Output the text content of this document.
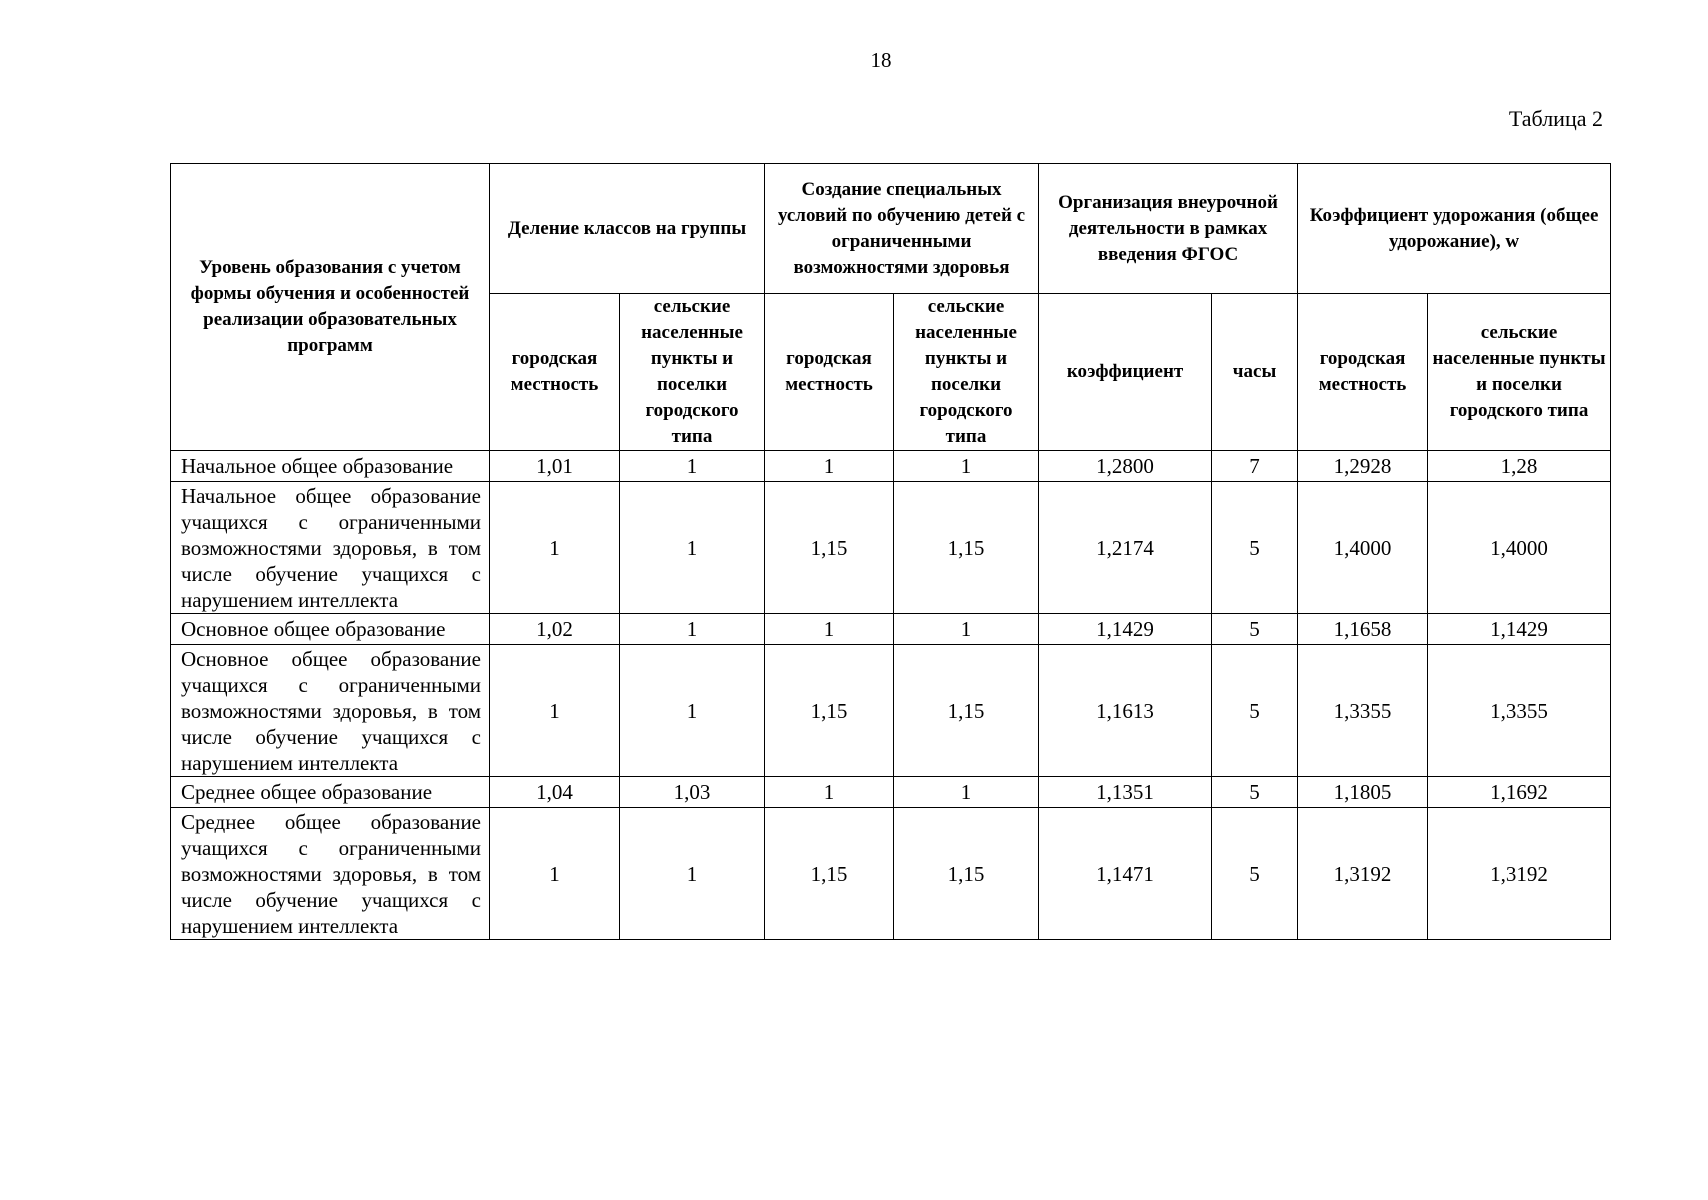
18
Таблица 2
Уровень образования с учетом формы обучения и особенностей реализации образовательных программ	Деление классов на группы		Создание специальных условий по обучению детей с ограниченными возможностями здоровья		Организация внеурочной деятельности в рамках введения ФГОС		Коэффициент удорожания (общее удорожание), w	
	городская местность	сельские населенные пункты и поселки городского типа	городская местность	сельские населенные пункты и поселки городского типа	коэффициент	часы	городская местность	сельские населенные пункты и поселки городского типа
Начальное общее образование	1,01	1	1	1	1,2800	7	1,2928	1,28
Начальное общее образование учащихся с ограниченными возможностями здоровья, в том числе обучение учащихся с нарушением интеллекта	1	1	1,15	1,15	1,2174	5	1,4000	1,4000
Основное общее образование	1,02	1	1	1	1,1429	5	1,1658	1,1429
Основное общее образование учащихся с ограниченными возможностями здоровья, в том числе обучение учащихся с нарушением интеллекта	1	1	1,15	1,15	1,1613	5	1,3355	1,3355
Среднее общее образование	1,04	1,03	1	1	1,1351	5	1,1805	1,1692
Среднее общее образование учащихся с ограниченными возможностями здоровья, в том числе обучение учащихся с нарушением интеллекта	1	1	1,15	1,15	1,1471	5	1,3192	1,3192
